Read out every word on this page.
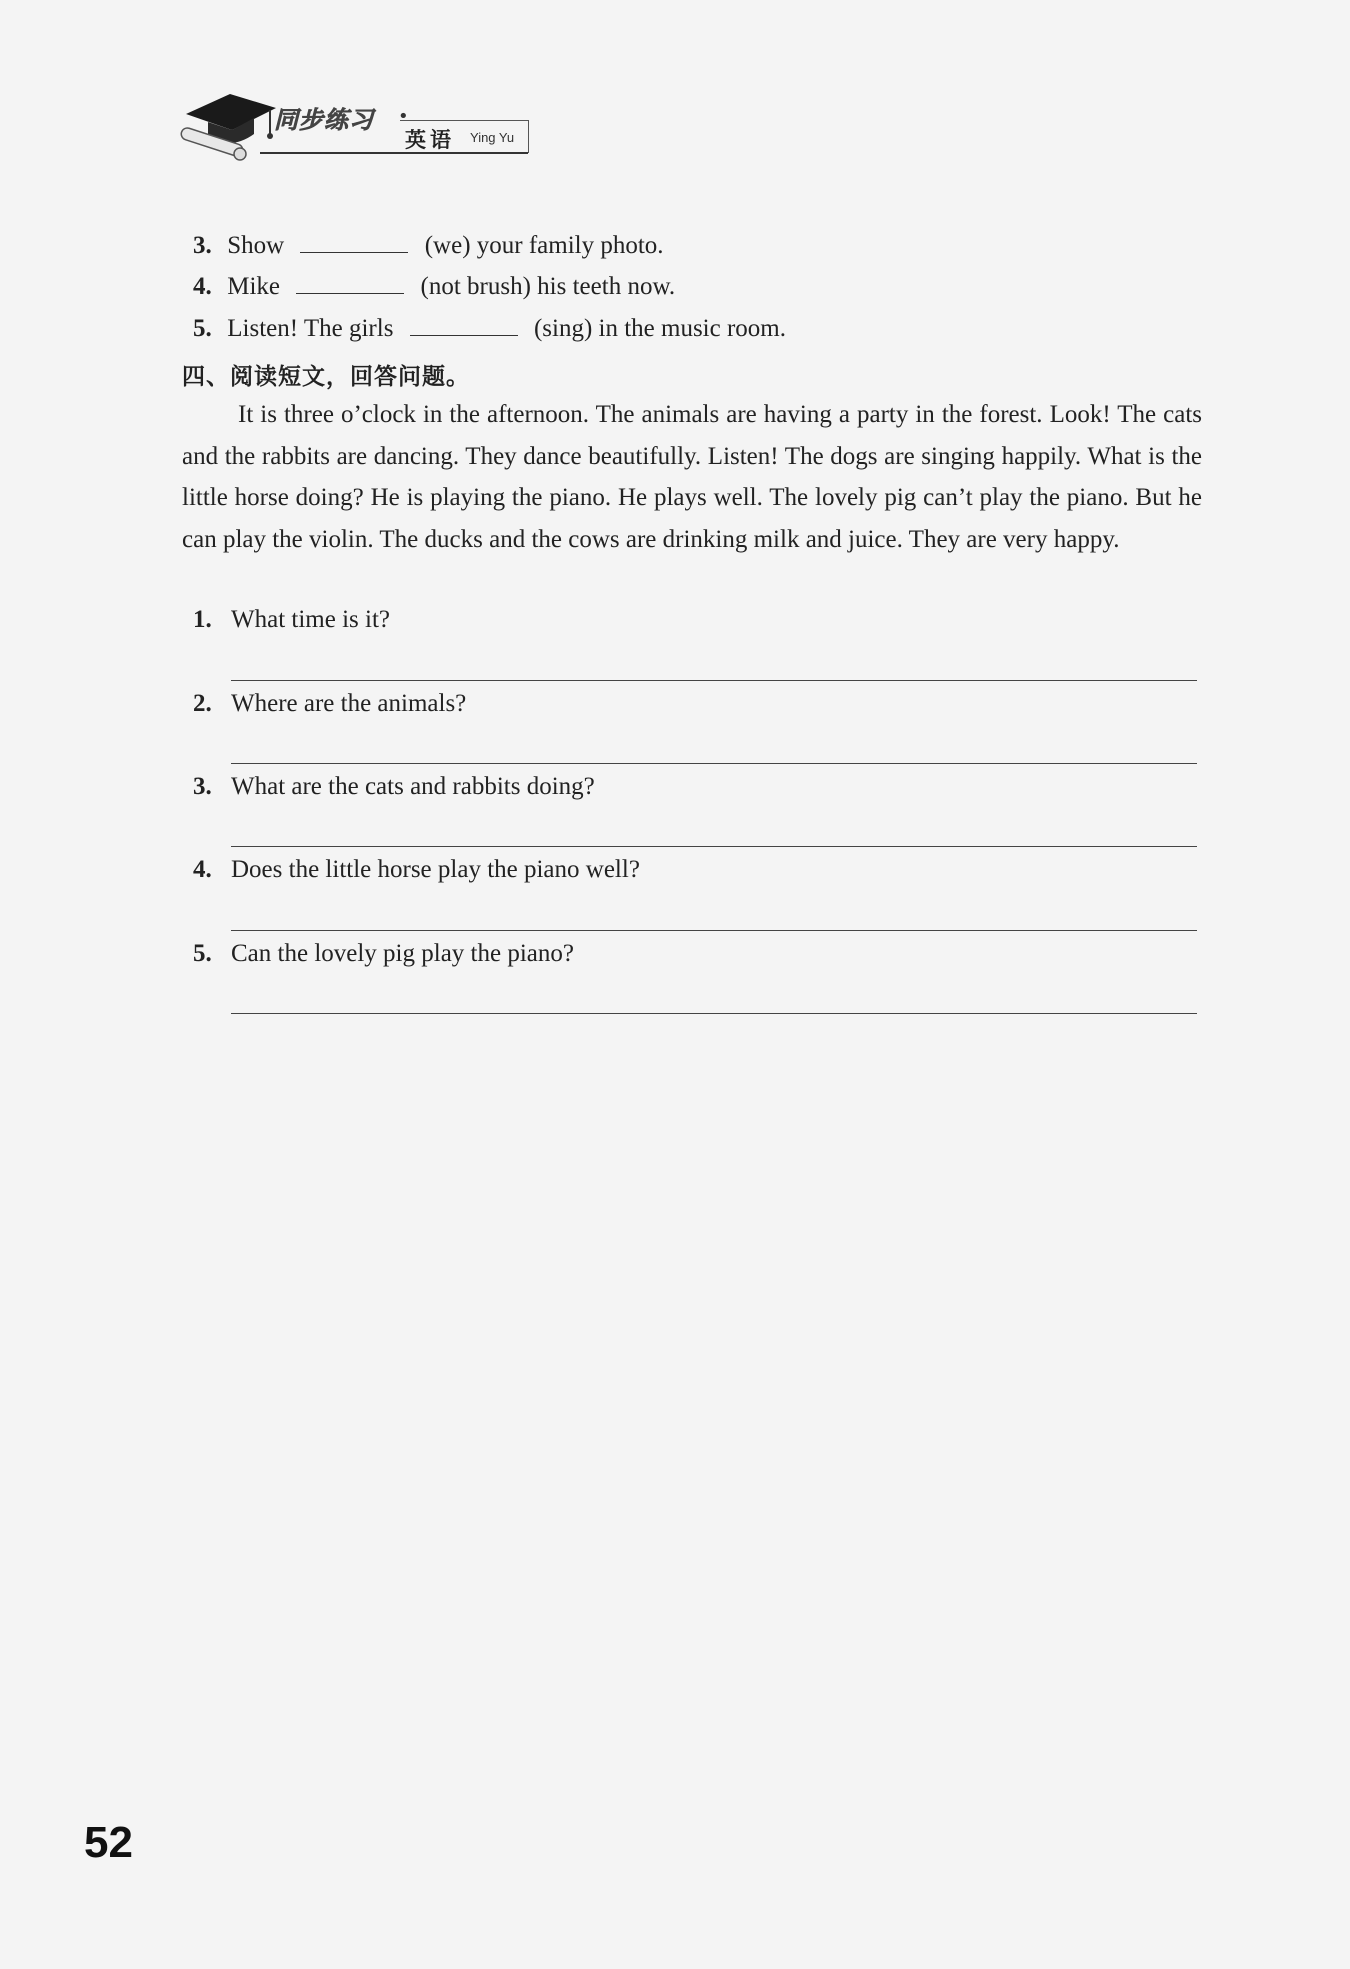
同步练习 •
英语 Ying Yu
3. Show	(we) your family photo.
4. Mike	(not brush) his teeth now.
5. Listen! The girls	(sing) in the music room.
四、阅读短文，回答问题。

It is three o’clock in the afternoon. The animals are having a party in the forest. Look! The cats and the rabbits are dancing. They dance beautifully. Listen! The dogs are singing happily. What is the little horse doing? He is playing the piano. He plays well. The lovely pig can’t play the piano. But he can play the violin. The ducks and the cows are drinking milk and juice. They are very happy.

1. What time is it?
2. Where are the animals?
3. What are the cats and rabbits doing?
4. Does the little horse play the piano well?
5. Can the lovely pig play the piano?
52
